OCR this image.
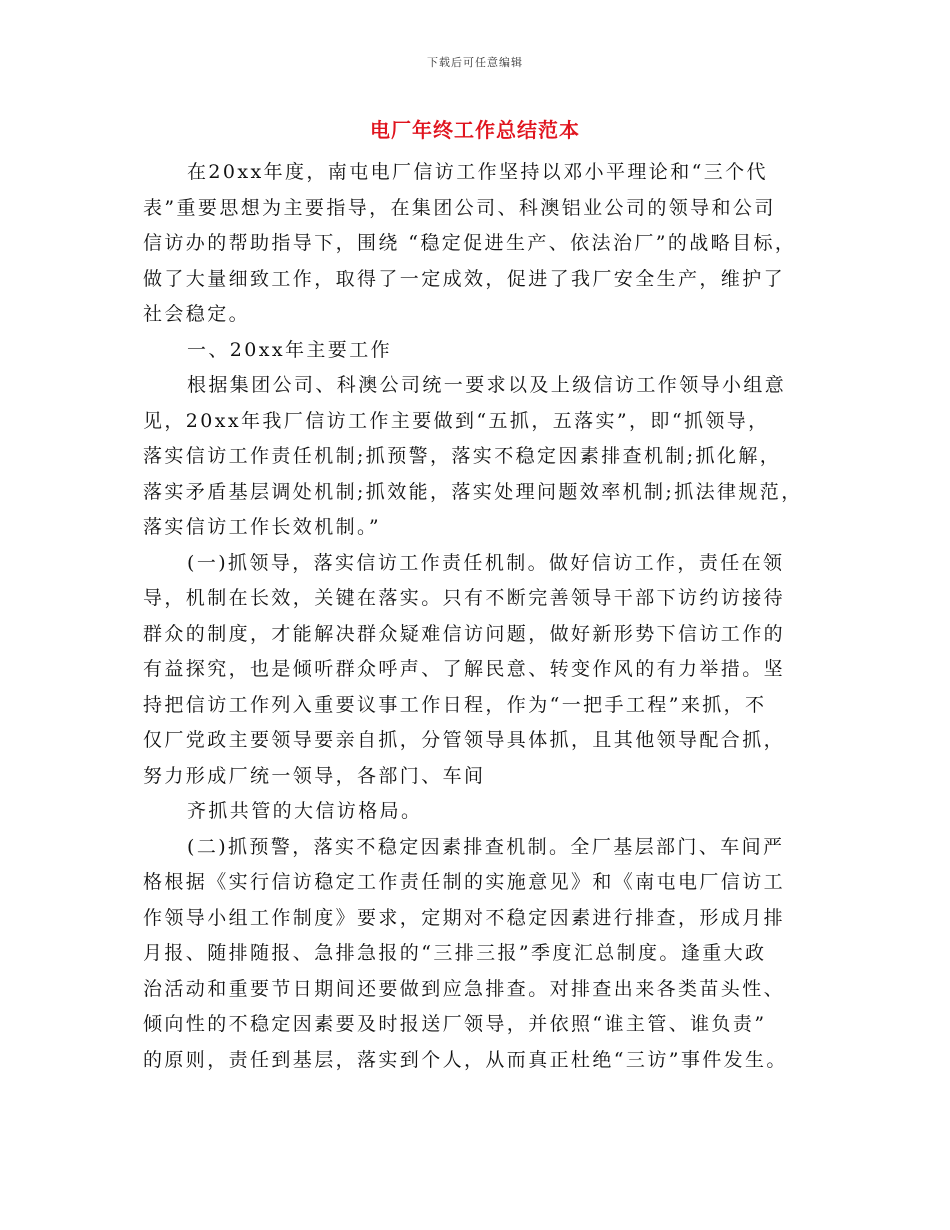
下载后可任意编辑
电厂年终工作总结范本
在20xx年度，南屯电厂信访工作坚持以邓小平理论和“三个代
表”重要思想为主要指导，在集团公司、科澳铝业公司的领导和公司
信访办的帮助指导下，围绕 “稳定促进生产、依法治厂”的战略目标，
做了大量细致工作，取得了一定成效，促进了我厂安全生产，维护了
社会稳定。
一、20xx年主要工作
根据集团公司、科澳公司统一要求以及上级信访工作领导小组意
见，20xx年我厂信访工作主要做到“五抓，五落实”，即“抓领导，
落实信访工作责任机制;抓预警，落实不稳定因素排查机制;抓化解，
落实矛盾基层调处机制;抓效能，落实处理问题效率机制;抓法律规范，
落实信访工作长效机制。”
(一)抓领导，落实信访工作责任机制。做好信访工作，责任在领
导，机制在长效，关键在落实。只有不断完善领导干部下访约访接待
群众的制度，才能解决群众疑难信访问题，做好新形势下信访工作的
有益探究，也是倾听群众呼声、了解民意、转变作风的有力举措。坚
持把信访工作列入重要议事工作日程，作为“一把手工程”来抓，不
仅厂党政主要领导要亲自抓，分管领导具体抓，且其他领导配合抓，
努力形成厂统一领导，各部门、车间
齐抓共管的大信访格局。
(二)抓预警，落实不稳定因素排查机制。全厂基层部门、车间严
格根据《实行信访稳定工作责任制的实施意见》和《南屯电厂信访工
作领导小组工作制度》要求，定期对不稳定因素进行排查，形成月排
月报、随排随报、急排急报的“三排三报”季度汇总制度。逢重大政
治活动和重要节日期间还要做到应急排查。对排查出来各类苗头性、
倾向性的不稳定因素要及时报送厂领导，并依照“谁主管、谁负责”
的原则，责任到基层，落实到个人，从而真正杜绝“三访”事件发生。
